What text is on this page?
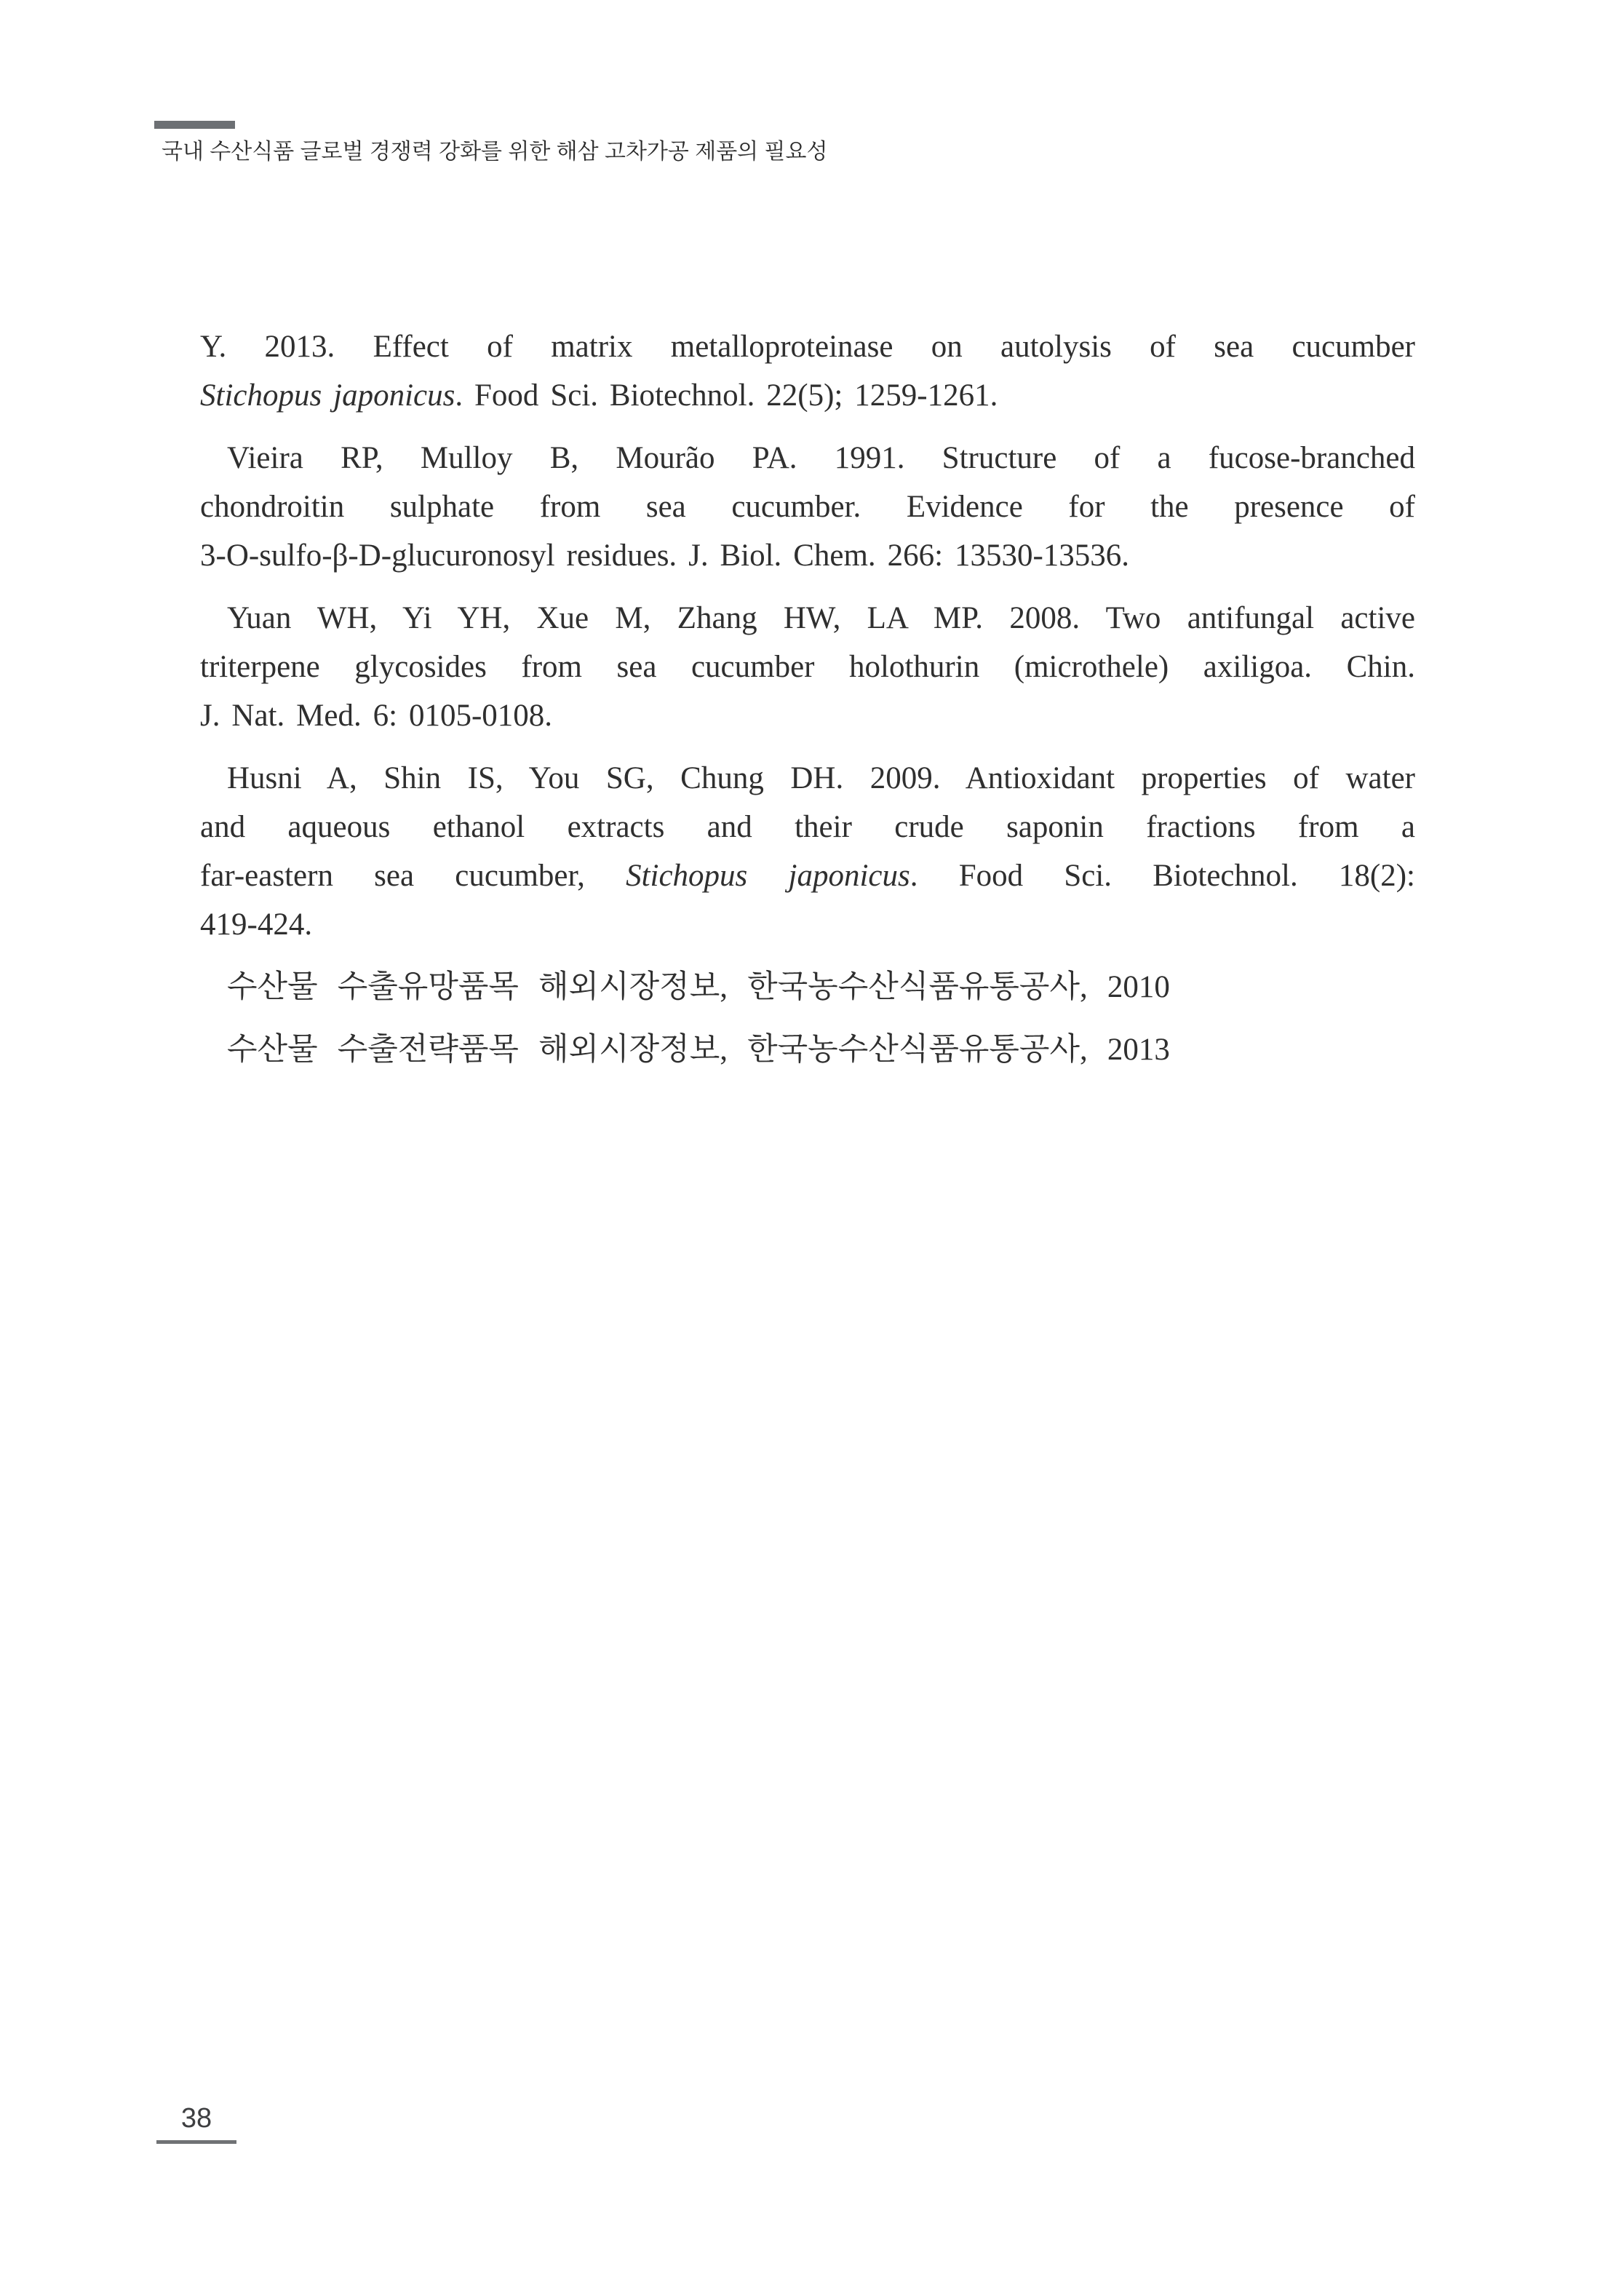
국내 수산식품 글로벌 경쟁력 강화를 위한 해삼 고차가공 제품의 필요성
Y. 2013. Effect of matrix metalloproteinase on autolysis of sea cucumber
Stichopus japonicus. Food Sci. Biotechnol. 22(5); 1259-1261.
Vieira RP, Mulloy B, Mourão PA. 1991. Structure of a fucose-branched
chondroitin sulphate from sea cucumber. Evidence for the presence of
3-O-sulfo-β-D-glucuronosyl residues. J. Biol. Chem. 266: 13530-13536.
Yuan WH, Yi YH, Xue M, Zhang HW, LA MP. 2008. Two antifungal active
triterpene glycosides from sea cucumber holothurin (microthele) axiligoa. Chin.
J. Nat. Med. 6: 0105-0108.
Husni A, Shin IS, You SG, Chung DH. 2009. Antioxidant properties of water
and aqueous ethanol extracts and their crude saponin fractions from a
far-eastern sea cucumber, Stichopus japonicus. Food Sci. Biotechnol. 18(2):
419-424.
수산물 수출유망품목 해외시장정보, 한국농수산식품유통공사, 2010
수산물 수출전략품목 해외시장정보, 한국농수산식품유통공사, 2013
38
